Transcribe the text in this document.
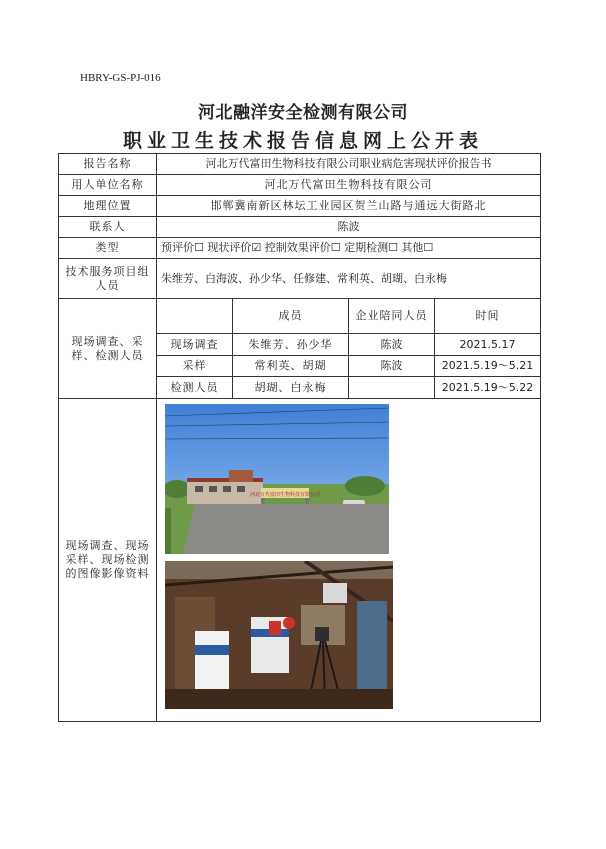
HBRY-GS-PJ-016
河北融洋安全检测有限公司
职业卫生技术报告信息网上公开表
报告名称	河北万代富田生物科技有限公司职业病危害现状评价报告书			
用人单位名称	河北万代富田生物科技有限公司			
地理位置	邯郸冀南新区林坛工业园区贺兰山路与通远大街路北			
联系人	陈波			
类型	预评价☐ 现状评价☑ 控制效果评价☐ 定期检测☐ 其他☐			
技术服务项目组人员	朱维芳、白海波、孙少华、任修建、常利英、胡瑚、白永梅			
现场调查、采样、检测人员		成员	企业陪同人员	时间
	现场调查	朱维芳、孙少华	陈波	2021.5.17
	采样	常利英、胡瑚	陈波	2021.5.19～5.21
	检测人员	胡瑚、白永梅		2021.5.19～5.22
现场调查、现场采样、现场检测的图像影像资料	河北万代富田生物科技有限公司			
